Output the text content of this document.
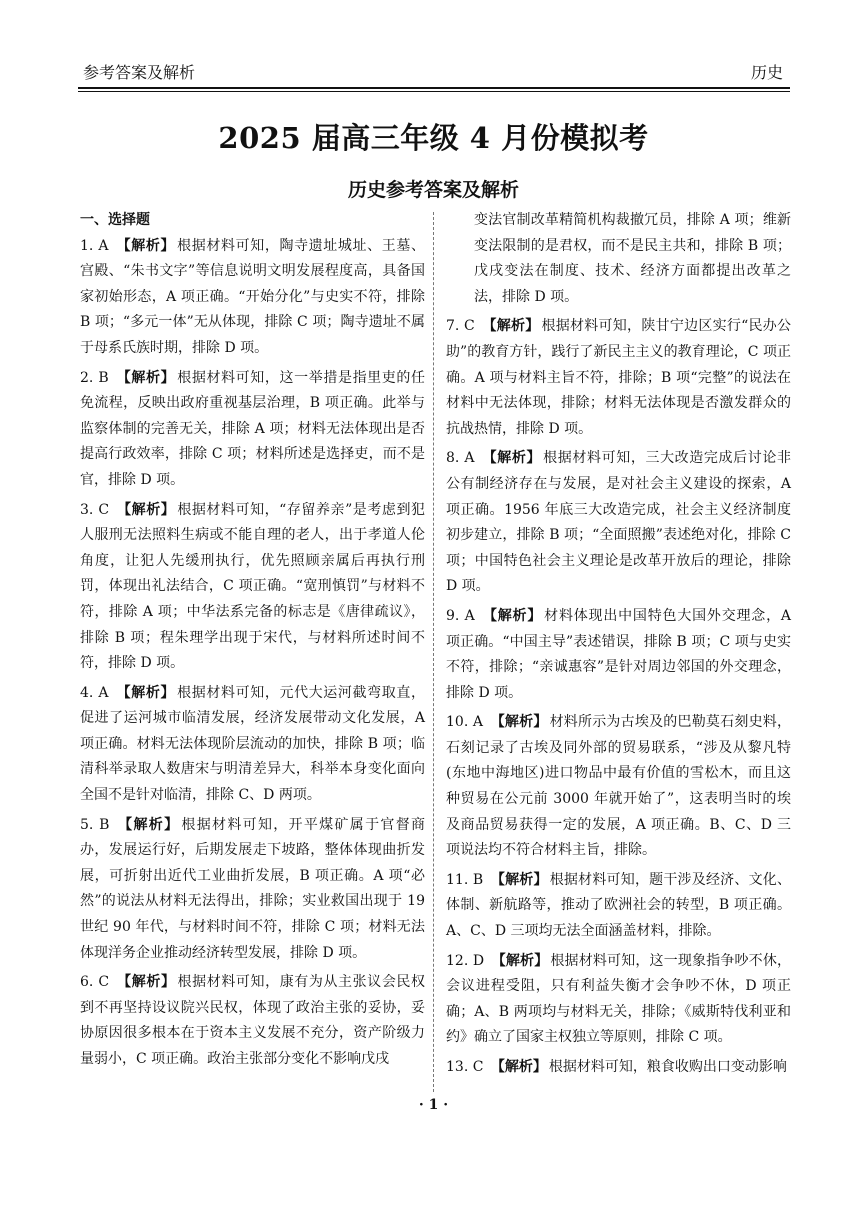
参考答案及解析	历史
2025 届高三年级 4 月份模拟考
历史参考答案及解析
一、选择题
1. A 【解析】 根据材料可知，陶寺遗址城址、王墓、宫殿、“朱书文字”等信息说明文明发展程度高，具备国家初始形态，A 项正确。“开始分化”与史实不符，排除 B 项；“多元一体”无从体现，排除 C 项；陶寺遗址不属于母系氏族时期，排除 D 项。
2. B 【解析】 根据材料可知，这一举措是指里吏的任免流程，反映出政府重视基层治理，B 项正确。此举与监察体制的完善无关，排除 A 项；材料无法体现出是否提高行政效率，排除 C 项；材料所述是选择吏，而不是官，排除 D 项。
3. C 【解析】 根据材料可知，“存留养亲”是考虑到犯人服刑无法照料生病或不能自理的老人，出于孝道人伦角度，让犯人先缓刑执行，优先照顾亲属后再执行刑罚，体现出礼法结合，C 项正确。“宽刑慎罚”与材料不符，排除 A 项；中华法系完备的标志是《唐律疏议》，排除 B 项；程朱理学出现于宋代，与材料所述时间不符，排除 D 项。
4. A 【解析】 根据材料可知，元代大运河截弯取直，促进了运河城市临清发展，经济发展带动文化发展，A 项正确。材料无法体现阶层流动的加快，排除 B 项；临清科举录取人数唐宋与明清差异大，科举本身变化面向全国不是针对临清，排除 C、D 两项。
5. B 【解析】 根据材料可知，开平煤矿属于官督商办，发展运行好，后期发展走下坡路，整体体现曲折发展，可折射出近代工业曲折发展，B 项正确。A 项“必然”的说法从材料无法得出，排除；实业救国出现于 19 世纪 90 年代，与材料时间不符，排除 C 项；材料无法体现洋务企业推动经济转型发展，排除 D 项。
6. C 【解析】 根据材料可知，康有为从主张议会民权到不再坚持设议院兴民权，体现了政治主张的妥协，妥协原因很多根本在于资本主义发展不充分，资产阶级力量弱小，C 项正确。政治主张部分变化不影响戊戌
变法官制改革精简机构裁撤冗员，排除 A 项；维新变法限制的是君权，而不是民主共和，排除 B 项；戊戌变法在制度、技术、经济方面都提出改革之法，排除 D 项。
7. C 【解析】 根据材料可知，陕甘宁边区实行“民办公助”的教育方针，践行了新民主主义的教育理论，C 项正确。A 项与材料主旨不符，排除；B 项“完整”的说法在材料中无法体现，排除；材料无法体现是否激发群众的抗战热情，排除 D 项。
8. A 【解析】 根据材料可知，三大改造完成后讨论非公有制经济存在与发展，是对社会主义建设的探索，A 项正确。1956 年底三大改造完成，社会主义经济制度初步建立，排除 B 项；“全面照搬”表述绝对化，排除 C 项；中国特色社会主义理论是改革开放后的理论，排除 D 项。
9. A 【解析】 材料体现出中国特色大国外交理念，A 项正确。“中国主导”表述错误，排除 B 项；C 项与史实不符，排除；“亲诚惠容”是针对周边邻国的外交理念，排除 D 项。
10. A 【解析】 材料所示为古埃及的巴勒莫石刻史料，石刻记录了古埃及同外部的贸易联系，“涉及从黎凡特(东地中海地区)进口物品中最有价值的雪松木，而且这种贸易在公元前 3000 年就开始了”，这表明当时的埃及商品贸易获得一定的发展，A 项正确。B、C、D 三项说法均不符合材料主旨，排除。
11. B 【解析】 根据材料可知，题干涉及经济、文化、体制、新航路等，推动了欧洲社会的转型，B 项正确。A、C、D 三项均无法全面涵盖材料，排除。
12. D 【解析】 根据材料可知，这一现象指争吵不休，会议进程受阻，只有利益失衡才会争吵不休，D 项正确；A、B 两项均与材料无关，排除；《威斯特伐利亚和约》确立了国家主权独立等原则，排除 C 项。
13. C 【解析】 根据材料可知，粮食收购出口变动影响
· 1 ·
